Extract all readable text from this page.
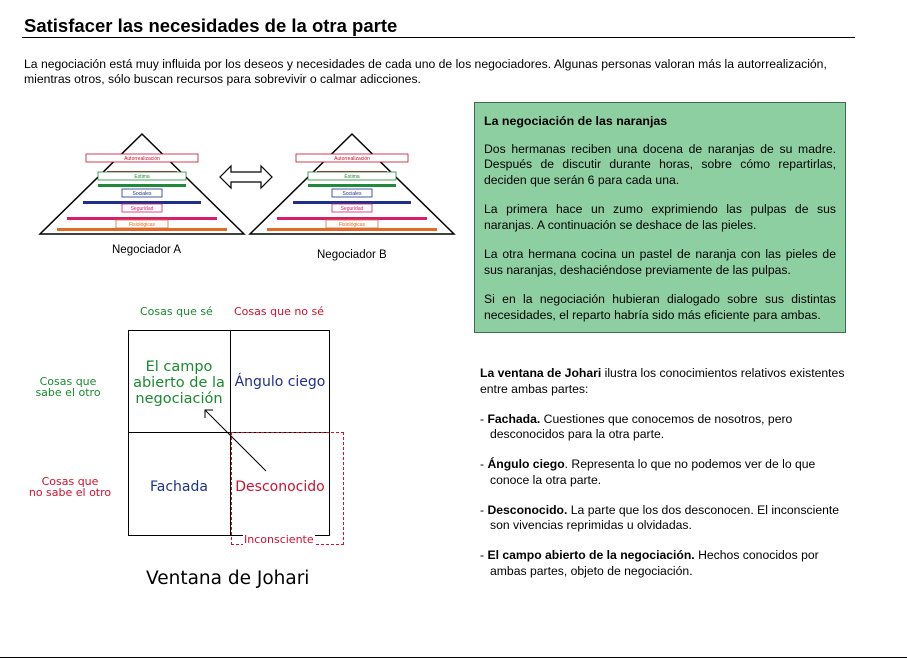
Satisfacer las necesidades de la otra parte
La negociación está muy influida por los deseos y necesidades de cada uno de los negociadores. Algunas personas valoran más la autorrealización, mientras otros, sólo buscan recursos para sobrevivir o calmar adicciones.
Autorrealización
Estima
Sociales
Seguridad
Fisiológicas
Autorrealización
Estima
Sociales
Seguridad
Fisiológicas
Negociador A	Negociador B
La negociación de las naranjas

Dos hermanas reciben una docena de naranjas de su madre. Después de discutir durante horas, sobre cómo repartirlas, deciden que serán 6 para cada una.

La primera hace un zumo exprimiendo las pulpas de sus naranjas. A continuación se deshace de las pieles.

La otra hermana cocina un pastel de naranja con las pieles de sus naranjas, deshaciéndose previamente de las pulpas.

Si en la negociación hubieran dialogado sobre sus distintas necesidades, el reparto habría sido más eficiente para ambas.

Cosas que sé Cosas que no sé
Cosas que
sabe el otro
Cosas que
no sabe el otro
Inconsciente
El campo
abierto de la
negociación
Ángulo ciego
Fachada	Desconocido
Ventana de Johari
La ventana de Johari ilustra los conocimientos relativos existentes entre ambas partes:
- Fachada. Cuestiones que conocemos de nosotros, pero desconocidos para la otra parte.
- Ángulo ciego. Representa lo que no podemos ver de lo que conoce la otra parte.
- Desconocido. La parte que los dos desconocen. El inconsciente son vivencias reprimidas u olvidadas.
- El campo abierto de la negociación. Hechos conocidos por ambas partes, objeto de negociación.
